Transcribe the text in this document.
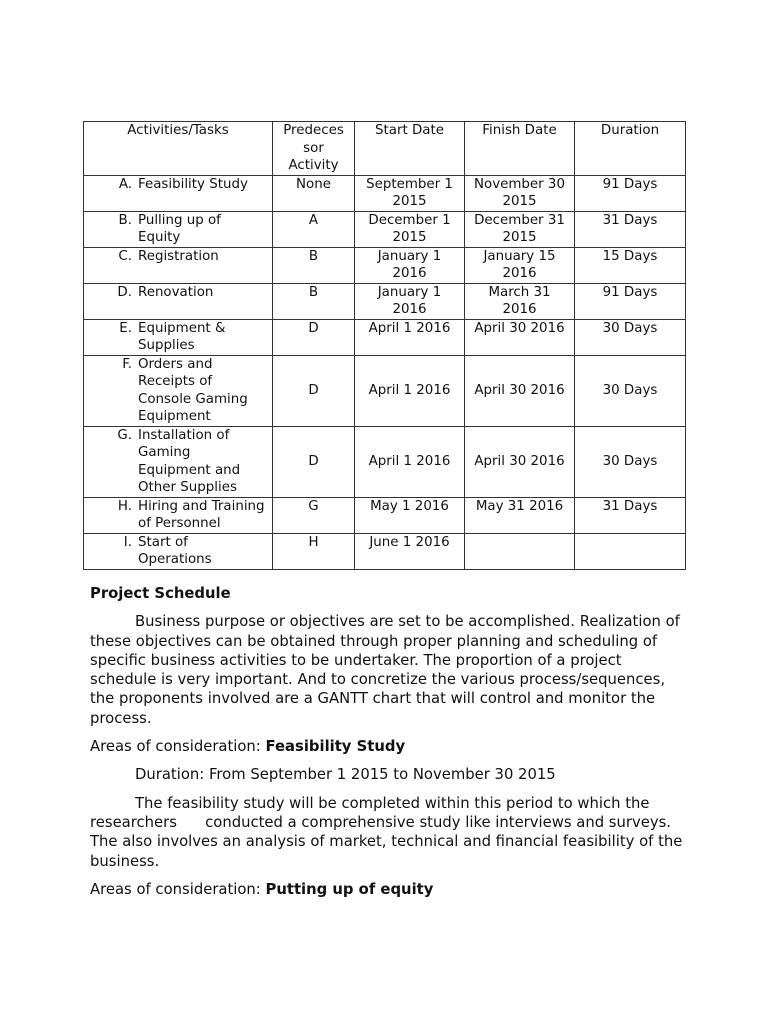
Activities/Tasks	Predeces sor Activity	Start Date	Finish Date	Duration
A. Feasibility Study	None	September 1 2015	November 30 2015	91 Days
B. Pulling up of Equity	A	December 1 2015	December 31 2015	31 Days
C. Registration	B	January 1 2016	January 15 2016	15 Days
D. Renovation	B	January 1 2016	March 31 2016	91 Days
E. Equipment & Supplies	D	April 1 2016	April 30 2016	30 Days
F. Orders and Receipts of Console Gaming Equipment	D	April 1 2016	April 30 2016	30 Days
G. Installation of Gaming Equipment and Other Supplies	D	April 1 2016	April 30 2016	30 Days
H. Hiring and Training of Personnel	G	May 1 2016	May 31 2016	31 Days
I. Start of Operations	H	June 1 2016		

Project Schedule

Business purpose or objectives are set to be accomplished. Realization of these objectives can be obtained through proper planning and scheduling of specific business activities to be undertaker. The proportion of a project schedule is very important. And to concretize the various process/sequences, the proponents involved are a GANTT chart that will control and monitor the process.

Areas of consideration: Feasibility Study

Duration: From September 1 2015 to November 30 2015

The feasibility study will be completed within this period to which the researchers      conducted a comprehensive study like interviews and surveys. The also involves an analysis of market, technical and financial feasibility of the business.

Areas of consideration: Putting up of equity
